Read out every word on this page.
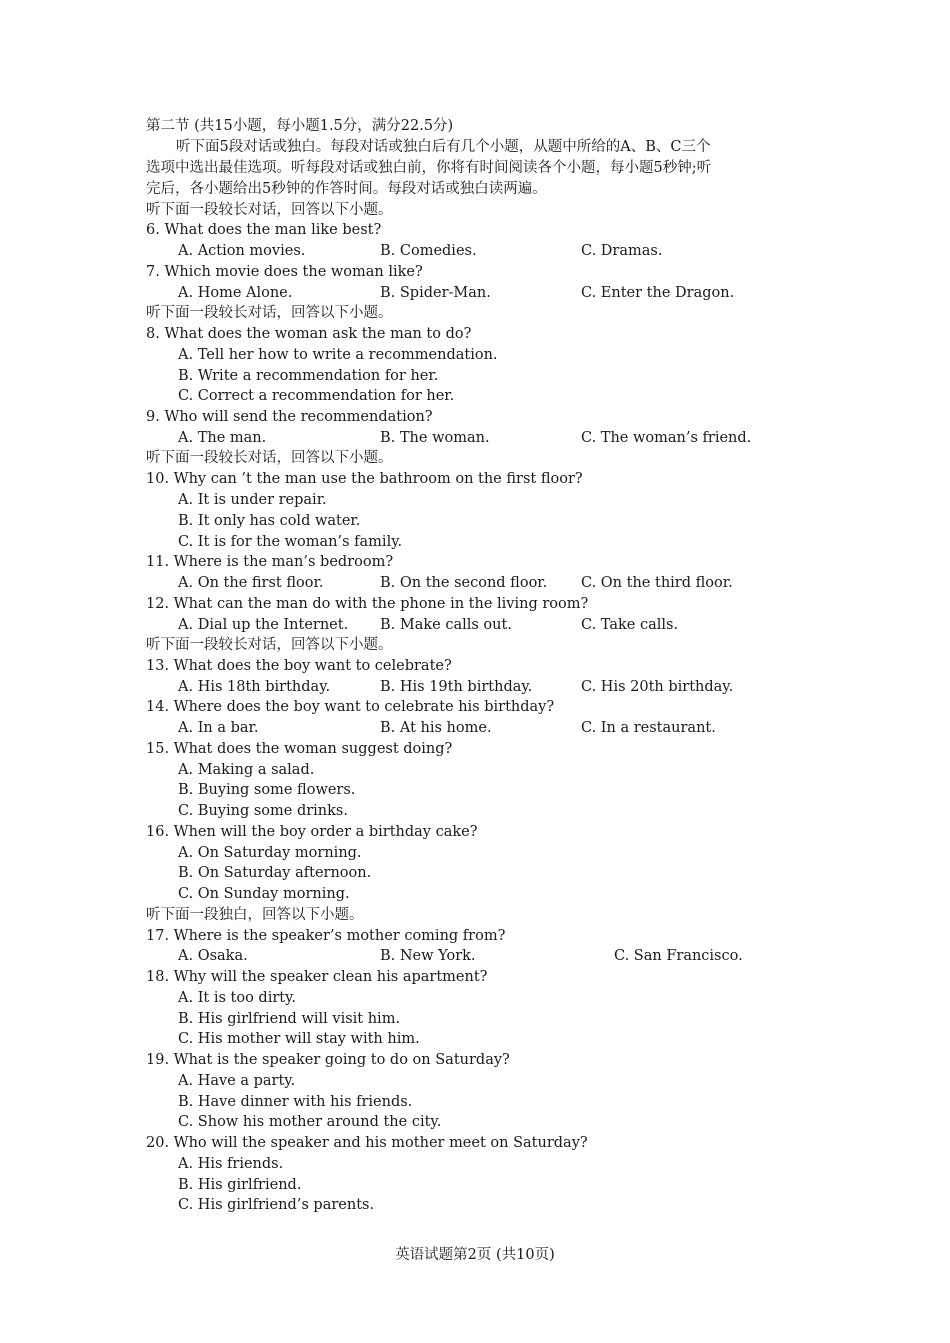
第二节 (共15小题，每小题1.5分，满分22.5分)
听下面5段对话或独白。每段对话或独白后有几个小题，从题中所给的A、B、C三个
选项中选出最佳选项。听每段对话或独白前，你将有时间阅读各个小题，每小题5秒钟;听
完后，各小题给出5秒钟的作答时间。每段对话或独白读两遍。
听下面一段较长对话，回答以下小题。
6. What does the man like best?
A. Action movies.	B. Comedies.	C. Dramas.
7. Which movie does the woman like?
A. Home Alone.	B. Spider-Man.	C. Enter the Dragon.
听下面一段较长对话，回答以下小题。
8. What does the woman ask the man to do?
A. Tell her how to write a recommendation.
B. Write a recommendation for her.
C. Correct a recommendation for her.
9. Who will send the recommendation?
A. The man.	B. The woman.	C. The woman’s friend.
听下面一段较长对话，回答以下小题。
10. Why can ’t the man use the bathroom on the first floor?
A. It is under repair.
B. It only has cold water.
C. It is for the woman’s family.
11. Where is the man’s bedroom?
A. On the first floor.	B. On the second floor. C. On the third floor.
12. What can the man do with the phone in the living room?
A. Dial up the Internet. B. Make calls out.	C. Take calls.
听下面一段较长对话，回答以下小题。
13. What does the boy want to celebrate?
A. His 18th birthday.	B. His 19th birthday.	C. His 20th birthday.
14. Where does the boy want to celebrate his birthday?
A. In a bar.	B. At his home.	C. In a restaurant.
15. What does the woman suggest doing?
A. Making a salad.
B. Buying some flowers.
C. Buying some drinks.
16. When will the boy order a birthday cake?
A. On Saturday morning.
B. On Saturday afternoon.
C. On Sunday morning.
听下面一段独白，回答以下小题。
17. Where is the speaker’s mother coming from?
A. Osaka.	B. New York.	C. San Francisco.
18. Why will the speaker clean his apartment?
A. It is too dirty.
B. His girlfriend will visit him.
C. His mother will stay with him.
19. What is the speaker going to do on Saturday?
A. Have a party.
B. Have dinner with his friends.
C. Show his mother around the city.
20. Who will the speaker and his mother meet on Saturday?
A. His friends.
B. His girlfriend.
C. His girlfriend’s parents.
英语试题第2页 (共10页)
